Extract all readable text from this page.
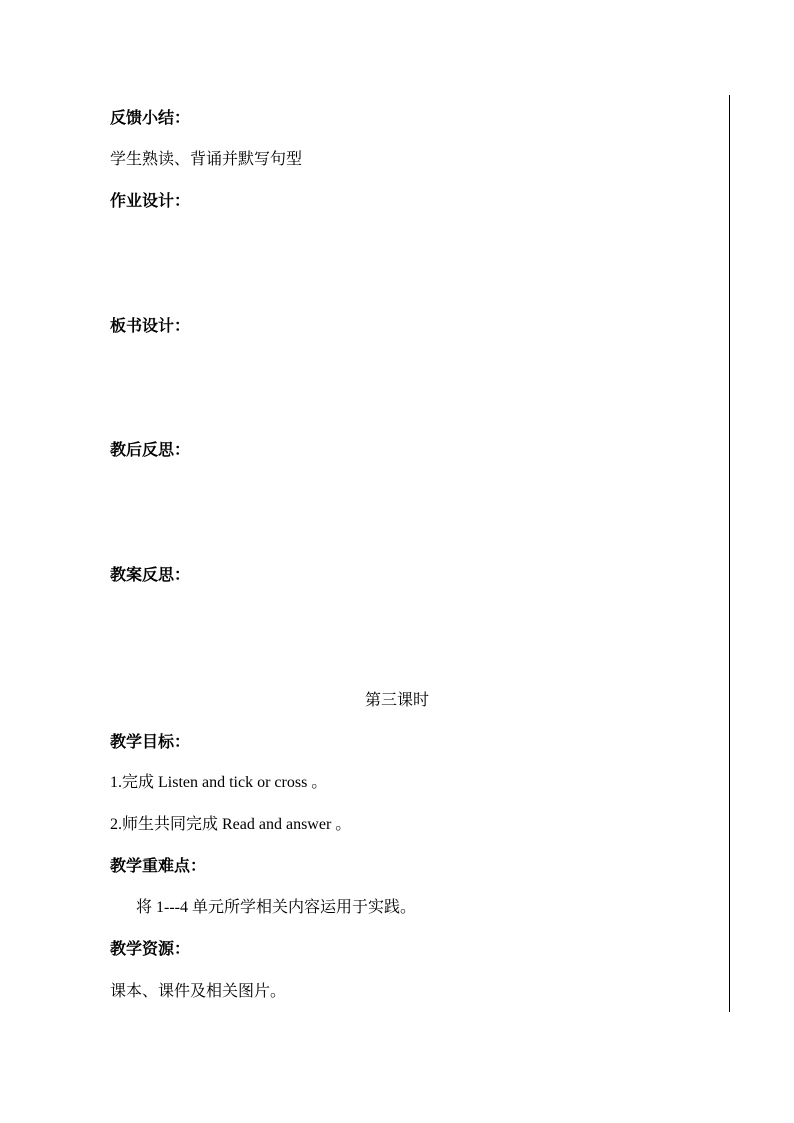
反馈小结：
学生熟读、背诵并默写句型
作业设计：
板书设计：
教后反思：
教案反思：
第三课时
教学目标：
1.完成 Listen and tick or cross 。
2.师生共同完成 Read and answer 。
教学重难点：
将 1---4 单元所学相关内容运用于实践。
教学资源：
课本、课件及相关图片。
